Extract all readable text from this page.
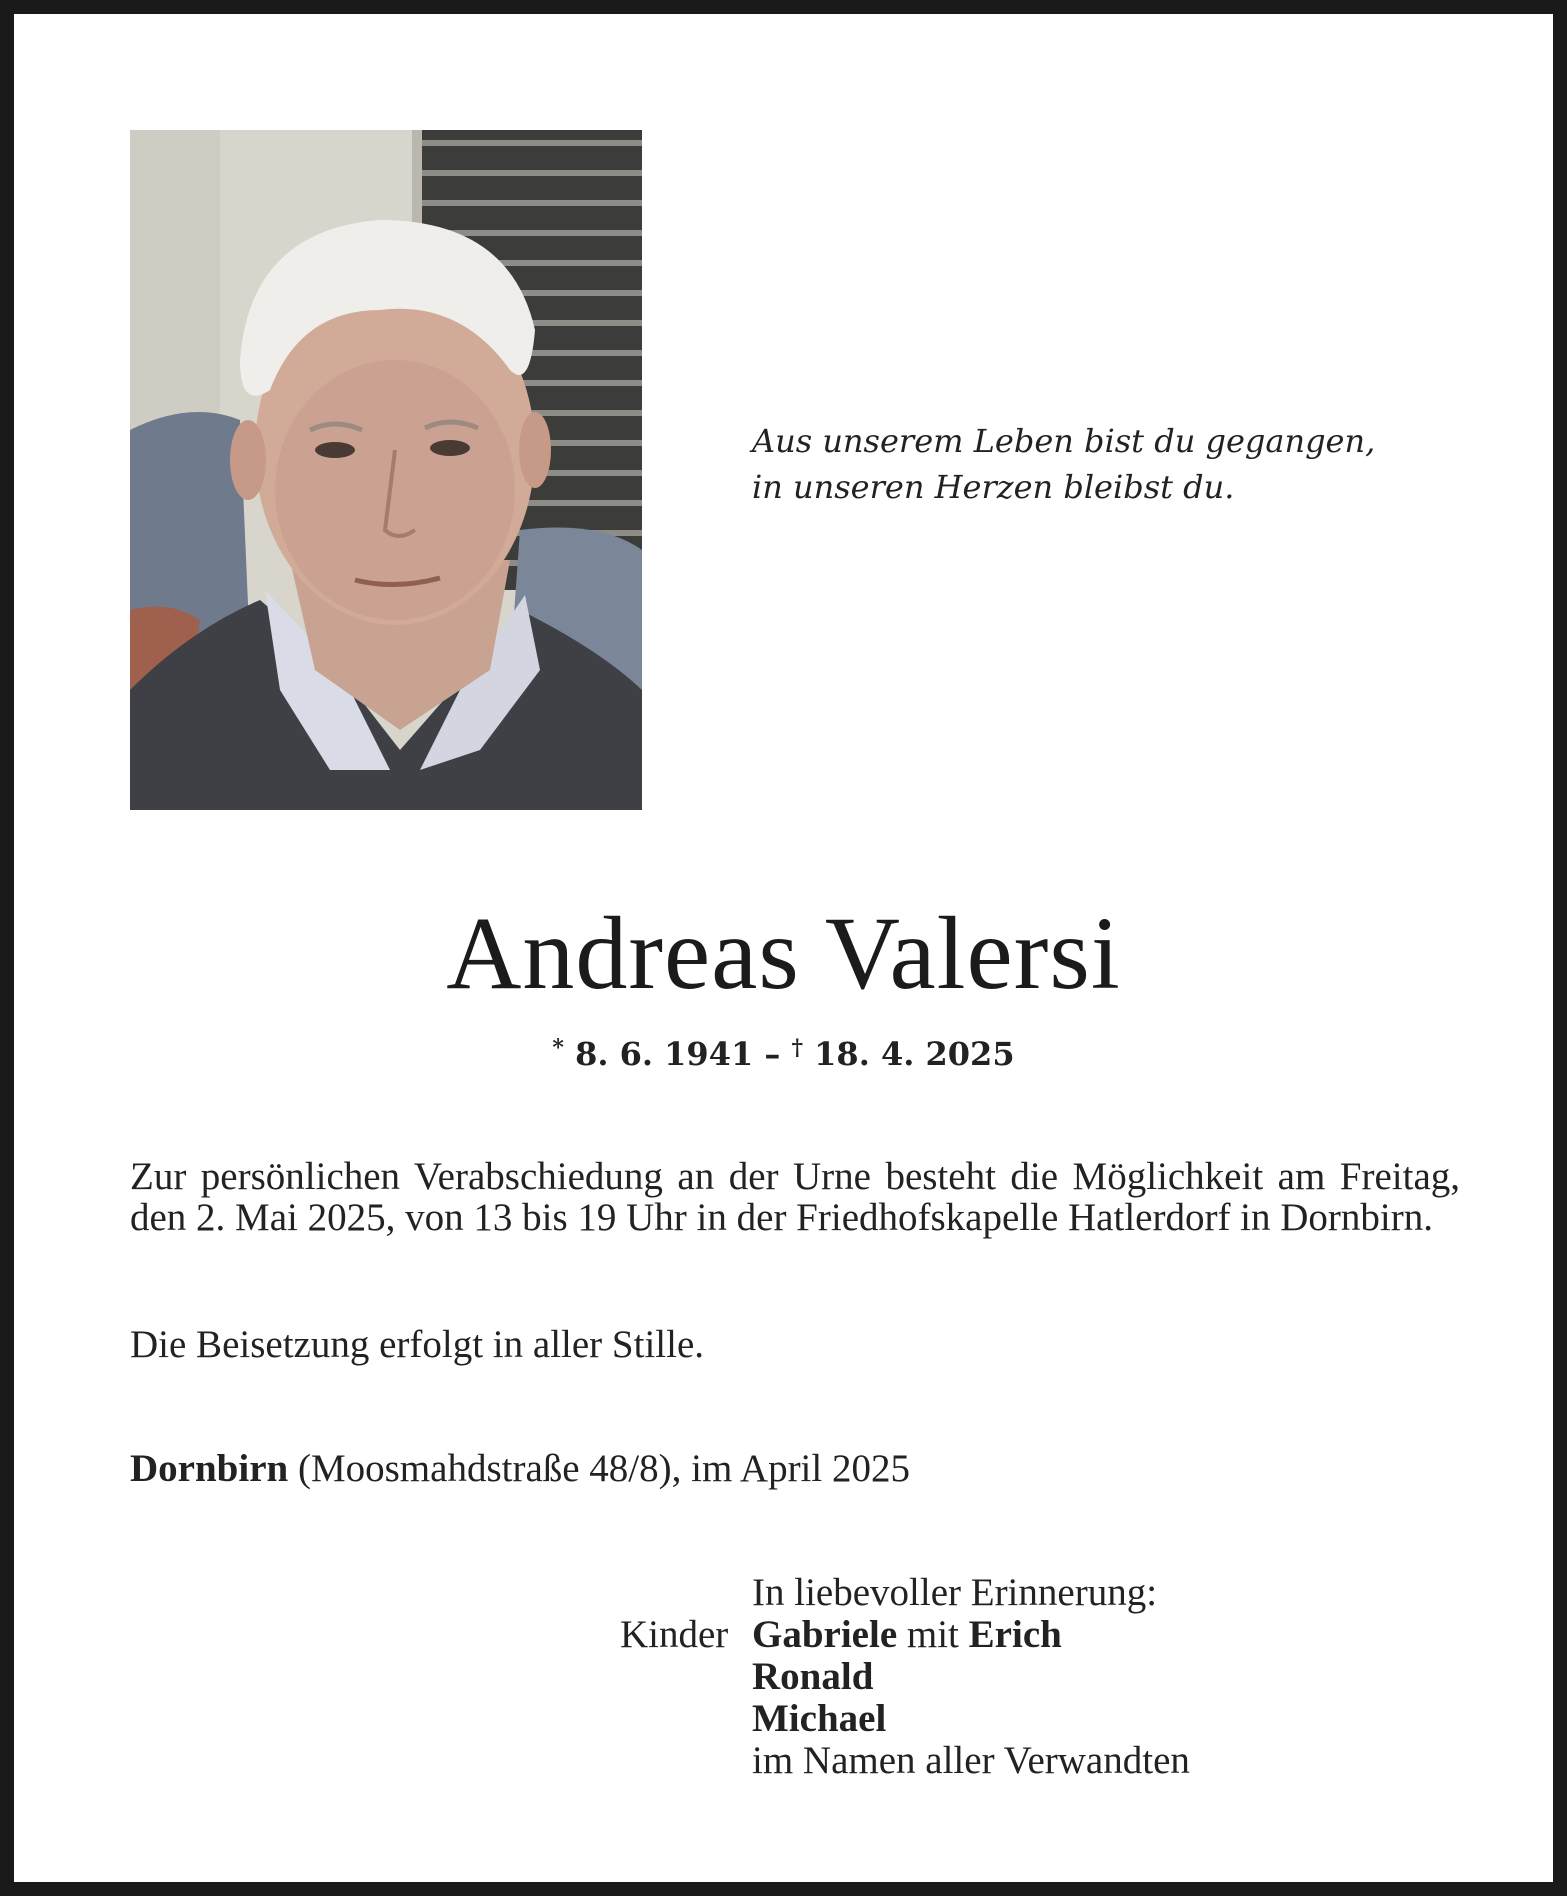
Aus unserem Leben bist du gegangen,
in unseren Herzen bleibst du.
Andreas Valersi
* 8. 6. 1941 – † 18. 4. 2025
Zur persönlichen Verabschiedung an der Urne besteht die Möglichkeit am Freitag, den 2. Mai 2025, von 13 bis 19 Uhr in der Friedhofskapelle Hatlerdorf in Dornbirn.
Die Beisetzung erfolgt in aller Stille.
Dornbirn (Moosmahdstraße 48/8), im April 2025
Kinder
In liebevoller Erinnerung:
Gabriele mit Erich
Ronald
Michael
im Namen aller Verwandten
